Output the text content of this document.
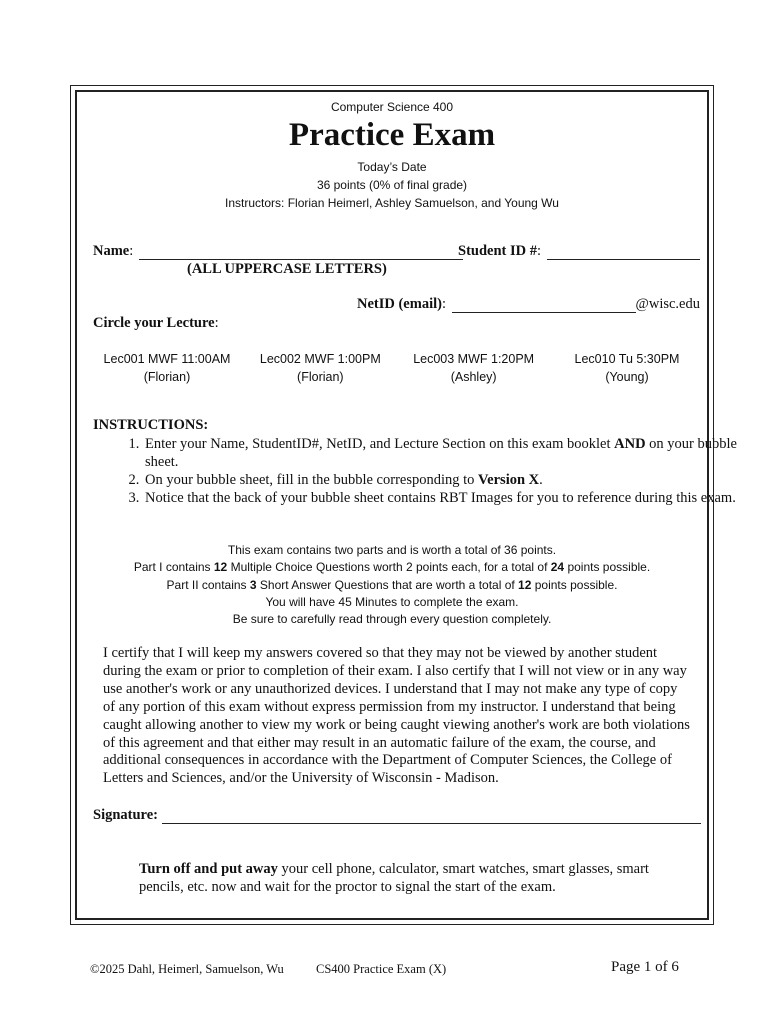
Computer Science 400
Practice Exam
Today’s Date
36 points (0% of final grade)
Instructors: Florian Heimerl, Ashley Samuelson, and Young Wu
Name :
(ALL UPPERCASE LETTERS)
Student ID # :
NetID (email) :	@wisc.edu
Circle your Lecture:
Lec001 MWF 11:00AM
(Florian)
Lec002 MWF 1:00PM
(Florian)
Lec003 MWF 1:20PM
(Ashley)
Lec010 Tu 5:30PM
(Young)
INSTRUCTIONS:
1. Enter your Name, StudentID#, NetID, and Lecture Section on this exam booklet AND on your bubble sheet.
2. On your bubble sheet, fill in the bubble corresponding to Version X.
3. Notice that the back of your bubble sheet contains RBT Images for you to reference during this exam.
This exam contains two parts and is worth a total of 36 points.
Part I contains 12 Multiple Choice Questions worth 2 points each, for a total of 24 points possible.
Part II contains 3 Short Answer Questions that are worth a total of 12 points possible.
You will have 45 Minutes to complete the exam.
Be sure to carefully read through every question completely.
I certify that I will keep my answers covered so that they may not be viewed by another student during the exam or prior to completion of their exam. I also certify that I will not view or in any way use another's work or any unauthorized devices. I understand that I may not make any type of copy of any portion of this exam without express permission from my instructor. I understand that being caught allowing another to view my work or being caught viewing another's work are both violations of this agreement and that either may result in an automatic failure of the exam, the course, and additional consequences in accordance with the Department of Computer Sciences, the College of Letters and Sciences, and/or the University of Wisconsin - Madison.
Signature:
Turn off and put away your cell phone, calculator, smart watches, smart glasses, smart pencils, etc. now and wait for the proctor to signal the start of the exam.
©2025 Dahl, Heimerl, Samuelson, Wu	CS400 Practice Exam (X)	Page 1 of 6
